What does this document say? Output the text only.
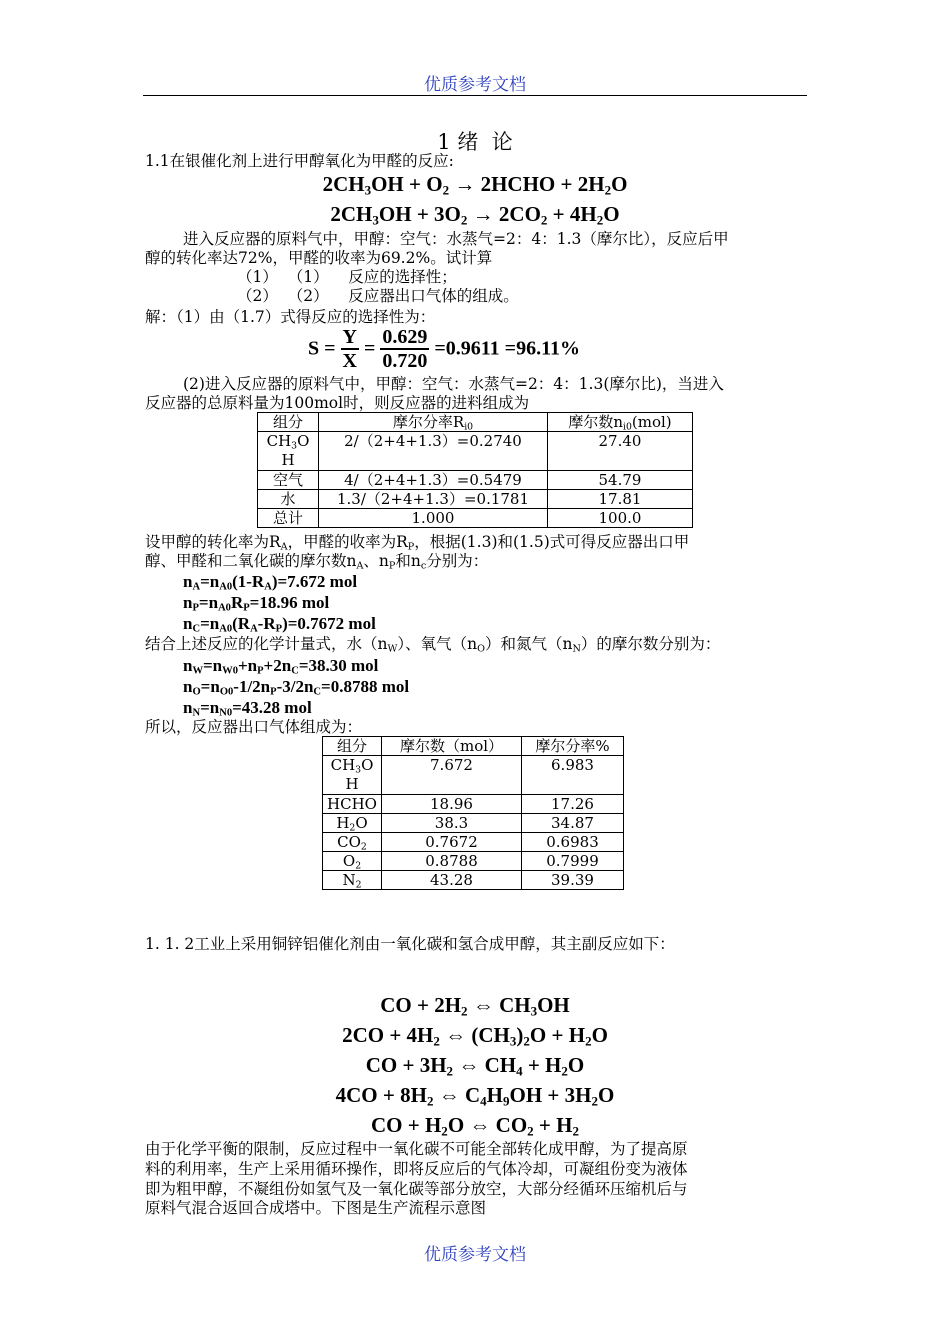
优质参考文档
1 绪  论
1.1在银催化剂上进行甲醇氧化为甲醛的反应:
$2CH_3OH + O_2$ → 2HCHO + $2H_2O$
$2CH_3OH + 3O_2 \to 2CO_2 + 4H_2O$
进入反应器的原料气中，甲醇：空气：水蒸气=2：4：1.3（摩尔比），反应后甲
醇的转化率达72%，甲醛的收率为69.2%。试计算
（1）  （1）    反应的选择性；
（2）  （2）    反应器出口气体的组成。
解：（1）由（1.7）式得反应的选择性为：
$S = \frac{Y}{X} = \frac{0.629}{0.720} =0.9611 =96.11\%$
(2)进入反应器的原料气中，甲醇：空气：水蒸气=2：4：1.3(摩尔比)，当进入
反应器的总原料量为100mol时，则反应器的进料组成为
组分	摩尔分率$R_{i0}$	摩尔数$n_{i0}(mol)$
$CH_3O$
H	2/（2+4+1.3）=0.2740	27.40
空气	4/（2+4+1.3）=0.5479	54.79
水	1.3/（2+4+1.3）=0.1781	17.81
总计	1.000	100.0
设甲醇的转化率为$R_A$，甲醛的收率为$R_P$，根据(1.3)和(1.5)式可得反应器出口甲
醇、甲醛和二氧化碳的摩尔数$n_A$、$n_P$和$n_c$分别为：
$n_A=n_{A0}(1-R_A)=7.672$ mol
$n_P=n_{A0}R_P=18.96$ mol
$n_C=n_{A0}(R_A-R_P)=0.7672$ mol
结合上述反应的化学计量式，水$(n_W)$、氧气$(n_O)$和氮气$(n_N)$的摩尔数分别为：
$n_W=n_{W0}+n_P+2n_C=38.30$ mol
$n_O=n_{O0}-1/2n_P-3/2n_C=0.8788$ mol
$n_N=n_{N0}=43.28$ mol
所以，反应器出口气体组成为：
组分	摩尔数（mol）	摩尔分率%
$CH_3O$
H	7.672	6.983
HCHO	18.96	17.26
$H_2O$	38.3	34.87
$CO_2$	0.7672	0.6983
$O_2$	0.8788	0.7999
$N_2$	43.28	39.39
1. 1. 2工业上采用铜锌铝催化剂由一氧化碳和氢合成甲醇，其主副反应如下：
CO + $2H_2$ ⇔ $CH_3OH$
$2CO + 4H_2$ ⇔ $(CH_3)_2O + H_2O$
CO + $3H_2$ ⇔ $CH_4 + H_2O$
$4CO + 8H_2$ ⇔ $C_4H_9OH + 3H_2O$
CO + $H_2O$ ⇔ $CO_2 + H_2$
由于化学平衡的限制，反应过程中一氧化碳不可能全部转化成甲醇，为了提高原
料的利用率，生产上采用循环操作，即将反应后的气体冷却，可凝组份变为液体
即为粗甲醇，不凝组份如氢气及一氧化碳等部分放空，大部分经循环压缩机后与
原料气混合返回合成塔中。下图是生产流程示意图
优质参考文档
